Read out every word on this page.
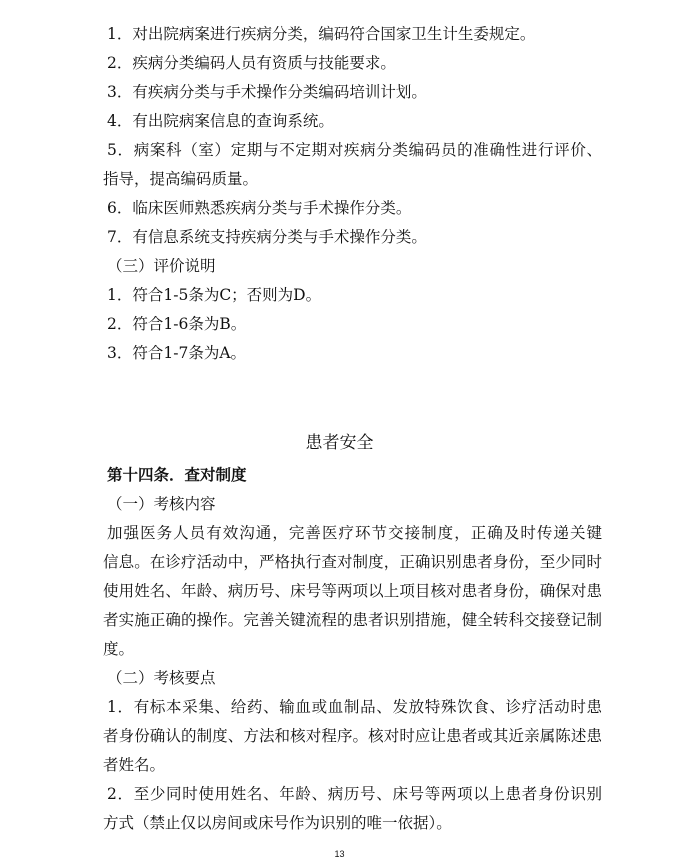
1．对出院病案进行疾病分类，编码符合国家卫生计生委规定。
2．疾病分类编码人员有资质与技能要求。
3．有疾病分类与手术操作分类编码培训计划。
4．有出院病案信息的查询系统。
5．病案科（室）定期与不定期对疾病分类编码员的准确性进行评价、
指导，提高编码质量。
6．临床医师熟悉疾病分类与手术操作分类。
7．有信息系统支持疾病分类与手术操作分类。
（三）评价说明
1．符合1-5条为C；否则为D。
2．符合1-6条为B。
3．符合1-7条为A。
患者安全
第十四条．查对制度
（一）考核内容
加强医务人员有效沟通，完善医疗环节交接制度，正确及时传递关键
信息。在诊疗活动中，严格执行查对制度，正确识别患者身份，至少同时
使用姓名、年龄、病历号、床号等两项以上项目核对患者身份，确保对患
者实施正确的操作。完善关键流程的患者识别措施，健全转科交接登记制
度。
（二）考核要点
1．有标本采集、给药、输血或血制品、发放特殊饮食、诊疗活动时患
者身份确认的制度、方法和核对程序。核对时应让患者或其近亲属陈述患
者姓名。
2．至少同时使用姓名、年龄、病历号、床号等两项以上患者身份识别
方式（禁止仅以房间或床号作为识别的唯一依据）。
13
